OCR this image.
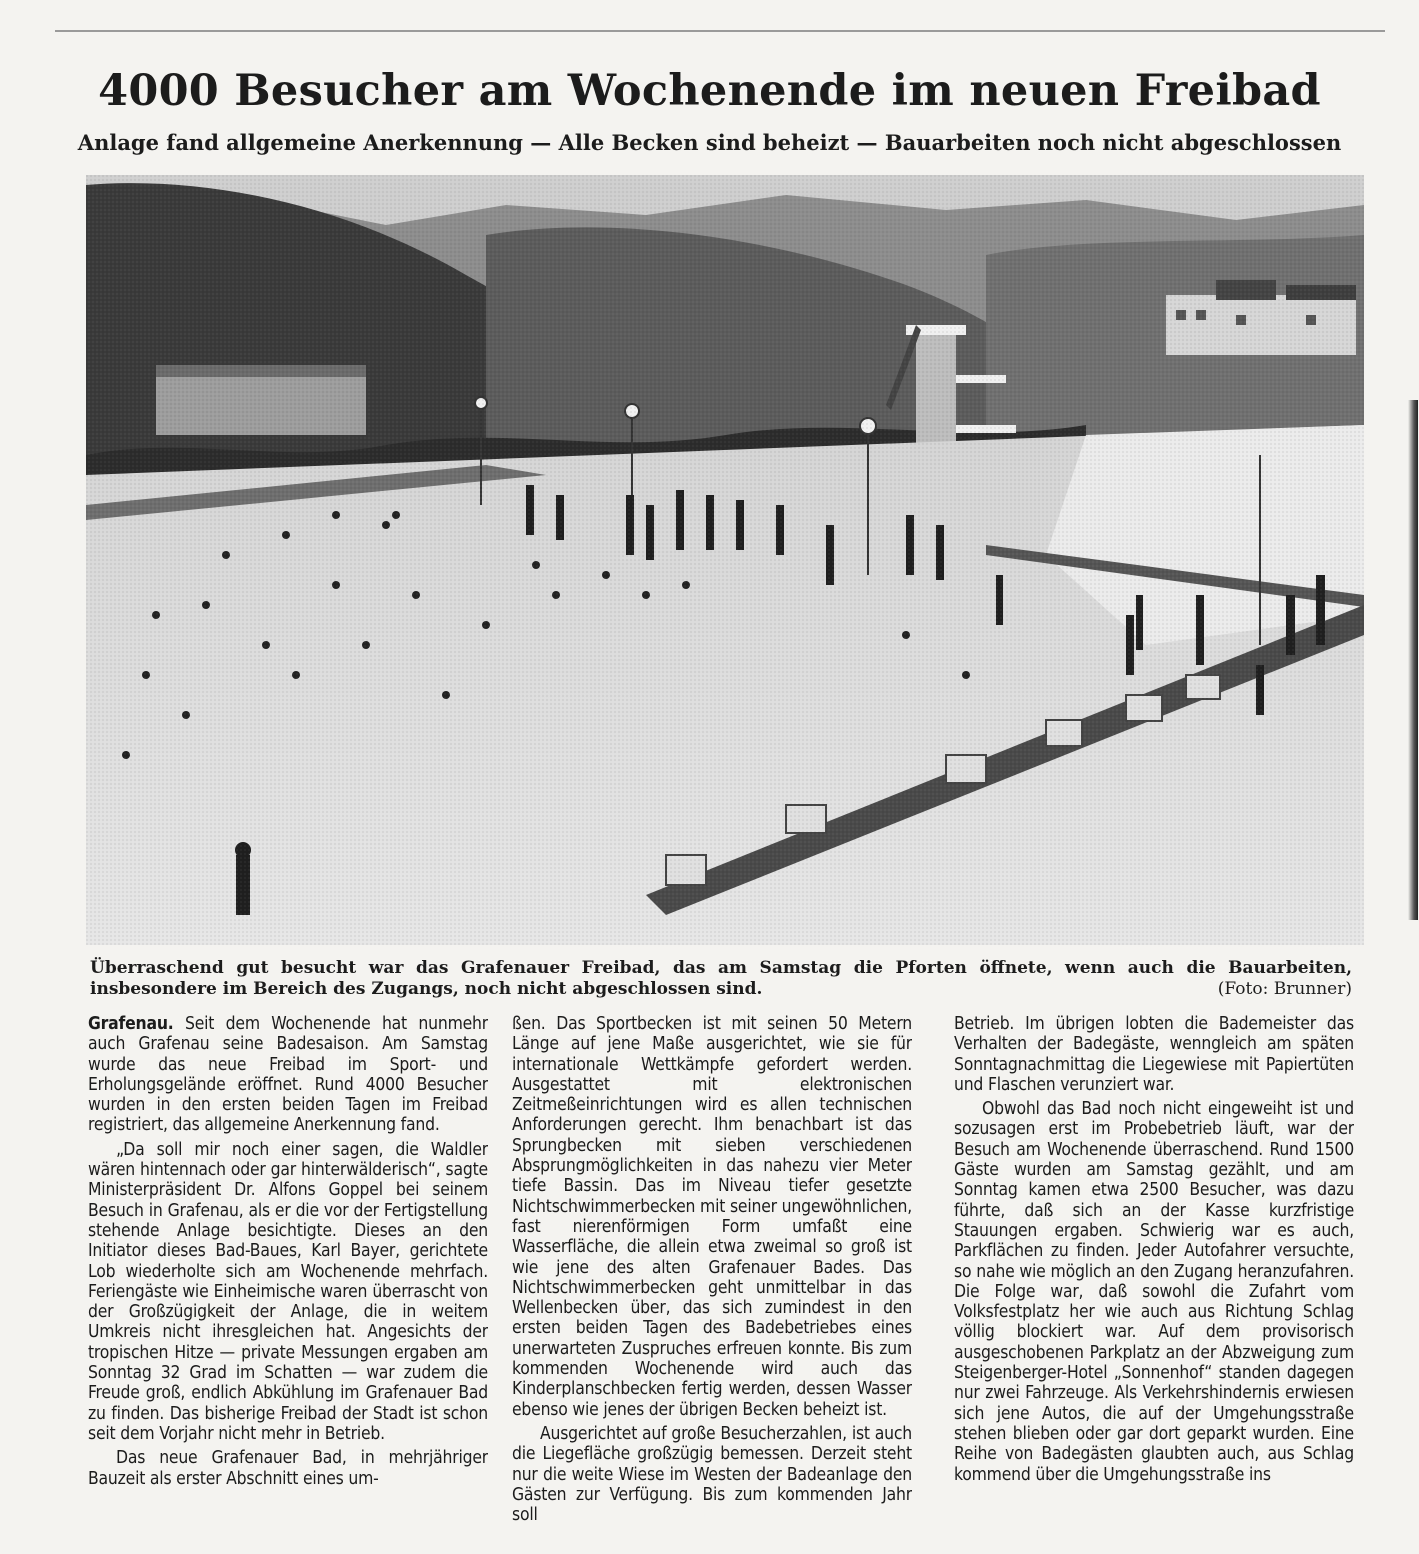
4000 Besucher am Wochenende im neuen Freibad
Anlage fand allgemeine Anerkennung — Alle Becken sind beheizt — Bauarbeiten noch nicht abgeschlossen
Überraschend gut besucht war das Grafenauer Freibad, das am Samstag die Pforten öffnete, wenn auch die Bauarbeiten, insbesondere im Bereich des Zugangs, noch nicht abgeschlossen sind.	(Foto: Brunner)

Grafenau. Seit dem Wochenende hat nunmehr auch Grafenau seine Badesaison. Am Samstag wurde das neue Freibad im Sport- und Erholungsgelände eröffnet. Rund 4000 Besucher wurden in den ersten beiden Tagen im Freibad registriert, das allgemeine Anerkennung fand.

„Da soll mir noch einer sagen, die Waldler wären hintennach oder gar hinterwälderisch“, sagte Ministerpräsident Dr. Alfons Goppel bei seinem Besuch in Grafenau, als er die vor der Fertigstellung stehende Anlage besichtigte. Dieses an den Initiator dieses Bad-Baues, Karl Bayer, gerichtete Lob wiederholte sich am Wochenende mehrfach. Feriengäste wie Einheimische waren überrascht von der Großzügigkeit der Anlage, die in weitem Umkreis nicht ihresgleichen hat. Angesichts der tropischen Hitze — private Messungen ergaben am Sonntag 32 Grad im Schatten — war zudem die Freude groß, endlich Abkühlung im Grafenauer Bad zu finden. Das bisherige Freibad der Stadt ist schon seit dem Vorjahr nicht mehr in Betrieb.

Das neue Grafenauer Bad, in mehrjähriger Bauzeit als erster Abschnitt eines um-

ßen. Das Sportbecken ist mit seinen 50 Metern Länge auf jene Maße ausgerichtet, wie sie für internationale Wettkämpfe gefordert werden. Ausgestattet mit elektronischen Zeitmeßeinrichtungen wird es allen technischen Anforderungen gerecht. Ihm benachbart ist das Sprungbecken mit sieben verschiedenen Absprungmöglichkeiten in das nahezu vier Meter tiefe Bassin. Das im Niveau tiefer gesetzte Nichtschwimmerbecken mit seiner ungewöhnlichen, fast nierenförmigen Form umfaßt eine Wasserfläche, die allein etwa zweimal so groß ist wie jene des alten Grafenauer Bades. Das Nichtschwimmerbecken geht unmittelbar in das Wellenbecken über, das sich zumindest in den ersten beiden Tagen des Badebetriebes eines unerwarteten Zuspruches erfreuen konnte. Bis zum kommenden Wochenende wird auch das Kinderplanschbecken fertig werden, dessen Wasser ebenso wie jenes der übrigen Becken beheizt ist.

Ausgerichtet auf große Besucherzahlen, ist auch die Liegefläche großzügig bemessen. Derzeit steht nur die weite Wiese im Westen der Badeanlage den Gästen zur Verfügung. Bis zum kommenden Jahr soll

Betrieb. Im übrigen lobten die Bademeister das Verhalten der Badegäste, wenngleich am späten Sonntagnachmittag die Liegewiese mit Papiertüten und Flaschen verunziert war.

Obwohl das Bad noch nicht eingeweiht ist und sozusagen erst im Probebetrieb läuft, war der Besuch am Wochenende überraschend. Rund 1500 Gäste wurden am Samstag gezählt, und am Sonntag kamen etwa 2500 Besucher, was dazu führte, daß sich an der Kasse kurzfristige Stauungen ergaben. Schwierig war es auch, Parkflächen zu finden. Jeder Autofahrer versuchte, so nahe wie möglich an den Zugang heranzufahren. Die Folge war, daß sowohl die Zufahrt vom Volksfestplatz her wie auch aus Richtung Schlag völlig blockiert war. Auf dem provisorisch ausgeschobenen Parkplatz an der Abzweigung zum Steigenberger-Hotel „Sonnenhof“ standen dagegen nur zwei Fahrzeuge. Als Verkehrshindernis erwiesen sich jene Autos, die auf der Umgehungsstraße stehen blieben oder gar dort geparkt wurden. Eine Reihe von Badegästen glaubten auch, aus Schlag kommend über die Umgehungsstraße ins
